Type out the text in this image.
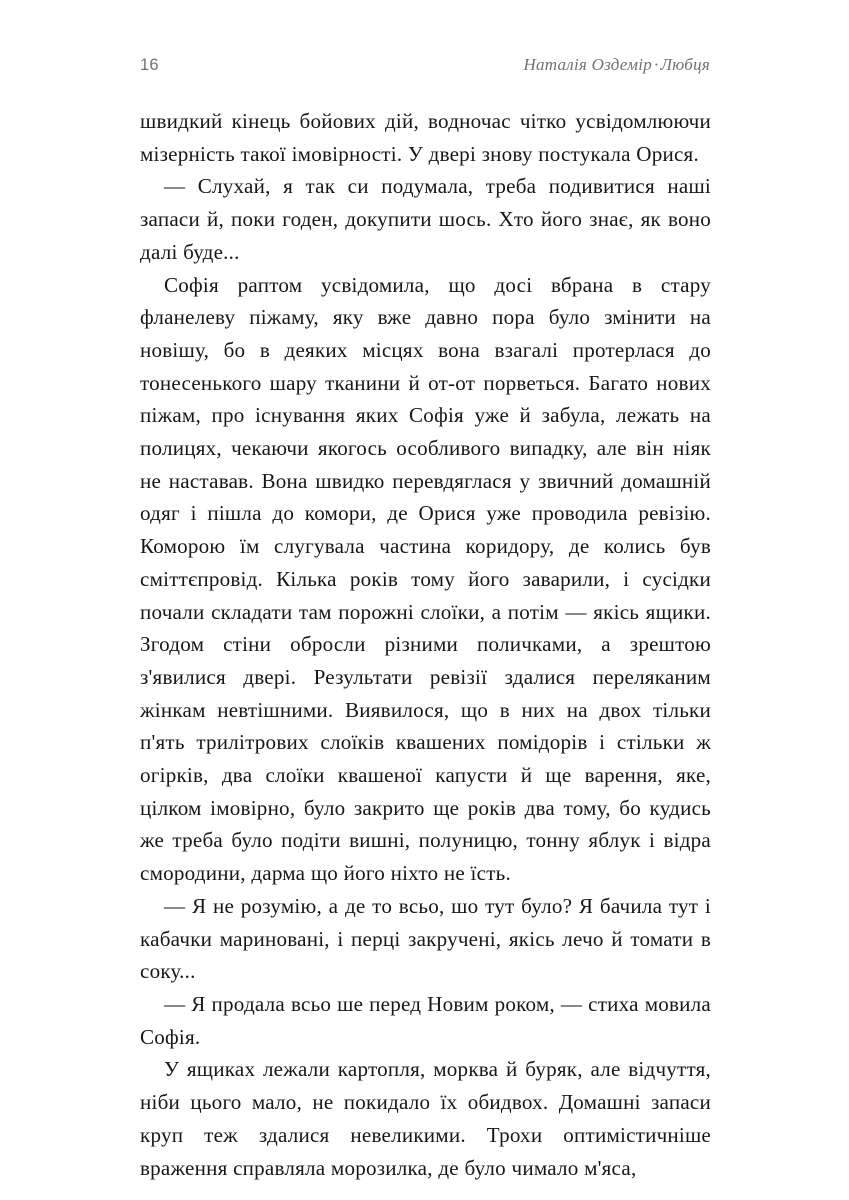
16	Наталія Оздемір · Любця

швидкий кінець бойових дій, водночас чітко усвідомлюючи мізерність такої імовірності. У двері знову постукала Орися.

— Слухай, я так си подумала, треба подивитися наші запаси й, поки годен, докупити шось. Хто його знає, як воно далі буде...

Софія раптом усвідомила, що досі вбрана в стару фланелеву піжаму, яку вже давно пора було змінити на новішу, бо в деяких місцях вона взагалі протерлася до тонесенького шару тканини й от-от порветься. Багато нових піжам, про існування яких Софія уже й забула, лежать на полицях, чекаючи якогось особливого випадку, але він ніяк не наставав. Вона швидко перевдяглася у звичний домашній одяг і пішла до комори, де Орися уже проводила ревізію. Коморою їм слугувала частина коридору, де колись був сміттєпровід. Кілька років тому його заварили, і сусідки почали складати там порожні слоїки, а потім — якісь ящики. Згодом стіни обросли різними поличками, а зрештою з'явилися двері. Результати ревізії здалися переляканим жінкам невтішними. Виявилося, що в них на двох тільки п'ять трилітрових слоїків квашених помідорів і стільки ж огірків, два слоїки квашеної капусти й ще варення, яке, цілком імовірно, було закрито ще років два тому, бо кудись же треба було подіти вишні, полуницю, тонну яблук і відра смородини, дарма що його ніхто не їсть.

— Я не розумію, а де то всьо, шо тут було? Я бачила тут і кабачки мариновані, і перці закручені, якісь лечо й томати в соку...

— Я продала всьо ше перед Новим роком, — стиха мовила Софія.

У ящиках лежали картопля, морква й буряк, але відчуття, ніби цього мало, не покидало їх обидвох. Домашні запаси круп теж здалися невеликими. Трохи оптимістичніше враження справляла морозилка, де було чимало м'яса,
